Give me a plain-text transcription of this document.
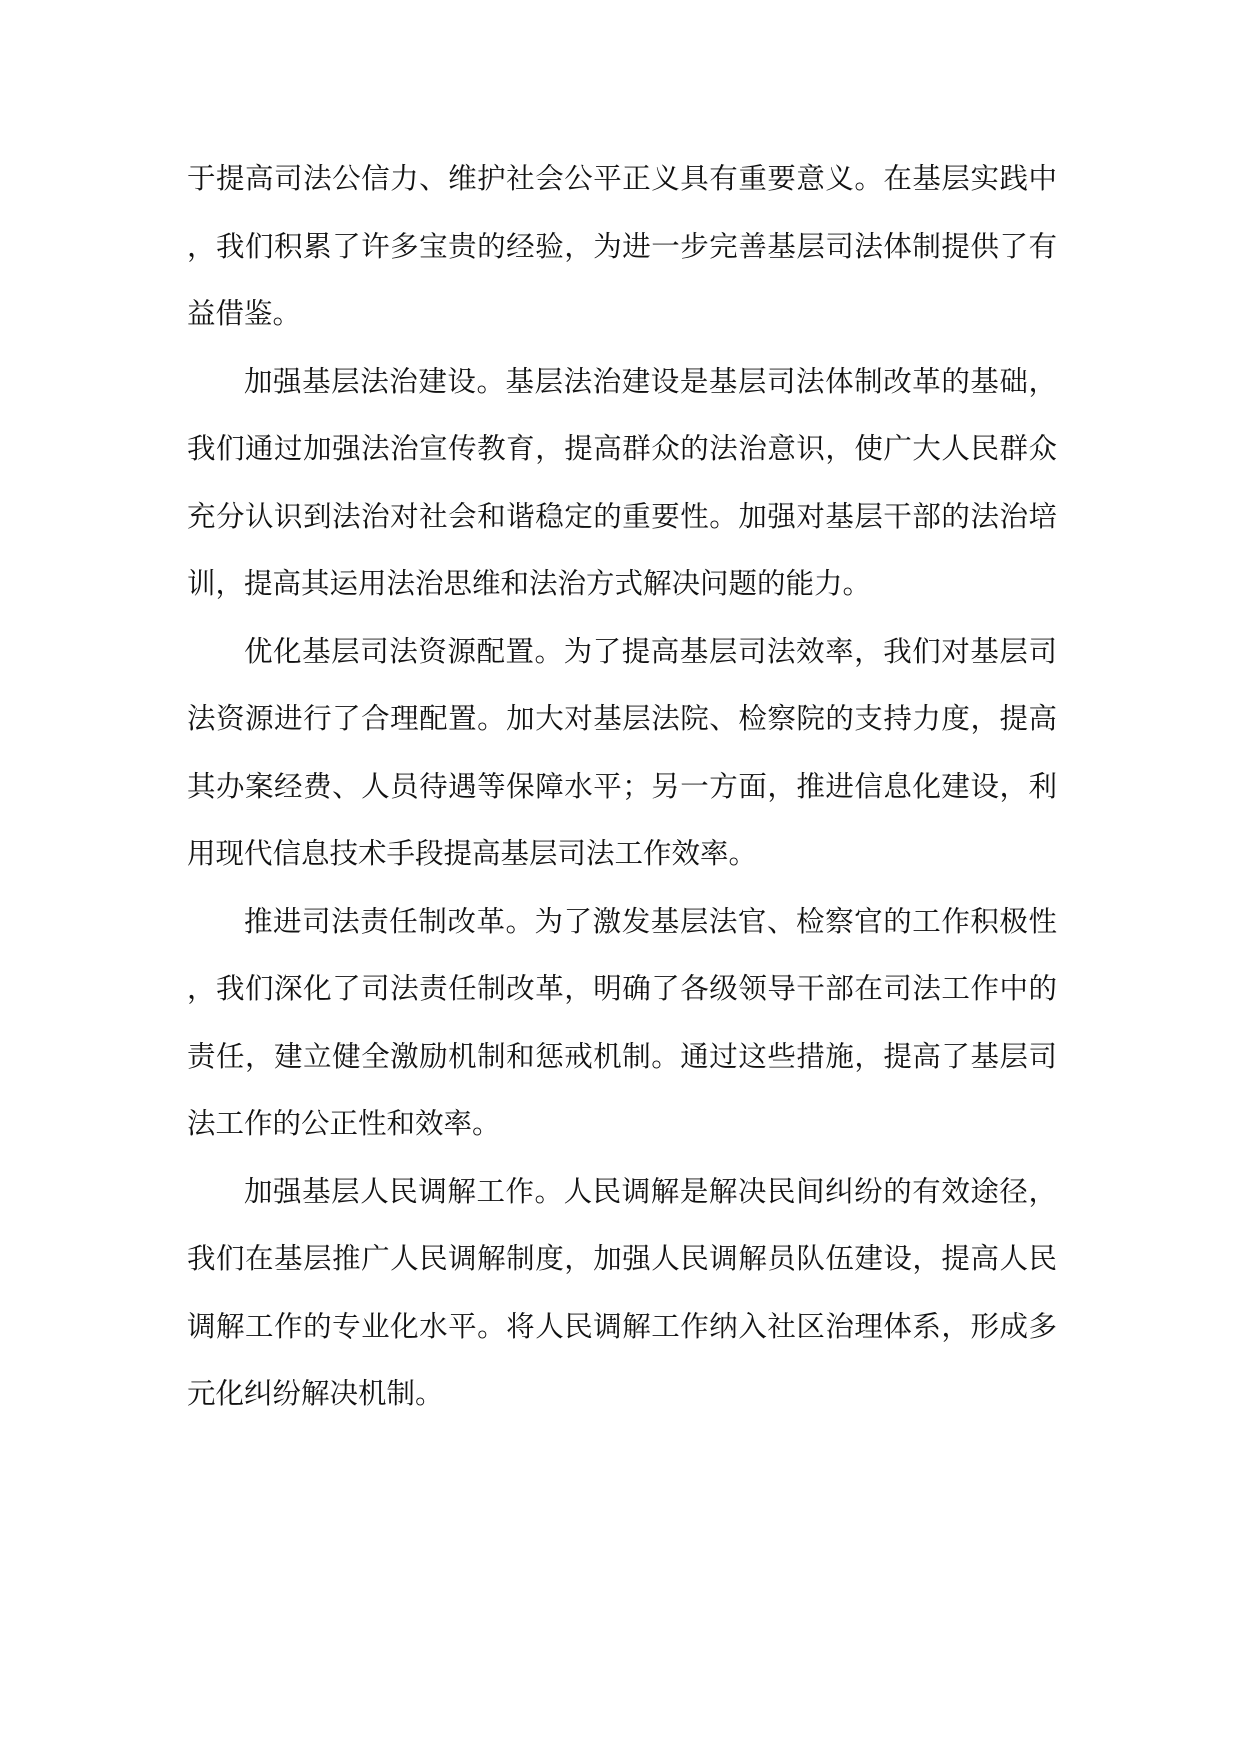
于提高司法公信力、维护社会公平正义具有重要意义。在基层实践中，我们积累了许多宝贵的经验，为进一步完善基层司法体制提供了有益借鉴。

加强基层法治建设。基层法治建设是基层司法体制改革的基础，我们通过加强法治宣传教育，提高群众的法治意识，使广大人民群众充分认识到法治对社会和谐稳定的重要性。加强对基层干部的法治培训，提高其运用法治思维和法治方式解决问题的能力。

优化基层司法资源配置。为了提高基层司法效率，我们对基层司法资源进行了合理配置。加大对基层法院、检察院的支持力度，提高其办案经费、人员待遇等保障水平；另一方面，推进信息化建设，利用现代信息技术手段提高基层司法工作效率。

推进司法责任制改革。为了激发基层法官、检察官的工作积极性，我们深化了司法责任制改革，明确了各级领导干部在司法工作中的责任，建立健全激励机制和惩戒机制。通过这些措施，提高了基层司法工作的公正性和效率。

加强基层人民调解工作。人民调解是解决民间纠纷的有效途径，我们在基层推广人民调解制度，加强人民调解员队伍建设，提高人民调解工作的专业化水平。将人民调解工作纳入社区治理体系，形成多元化纠纷解决机制。
